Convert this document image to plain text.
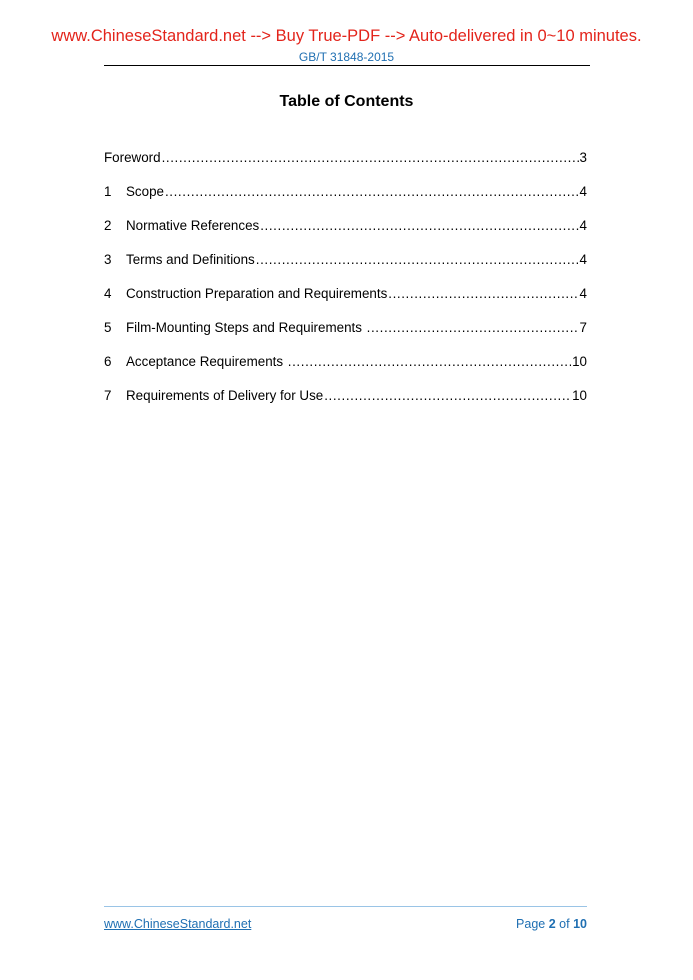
www.ChineseStandard.net --> Buy True-PDF --> Auto-delivered in 0~10 minutes.
GB/T 31848-2015
Table of Contents
Foreword .....	3
1	Scope .....	4
2	Normative References .....	4
3	Terms and Definitions .....	4
4	Construction Preparation and Requirements .....	4
5	Film-Mounting Steps and Requirements .....	7
6	Acceptance Requirements .....	10
7	Requirements of Delivery for Use .....	10
www.ChineseStandard.net	Page 2 of 10
